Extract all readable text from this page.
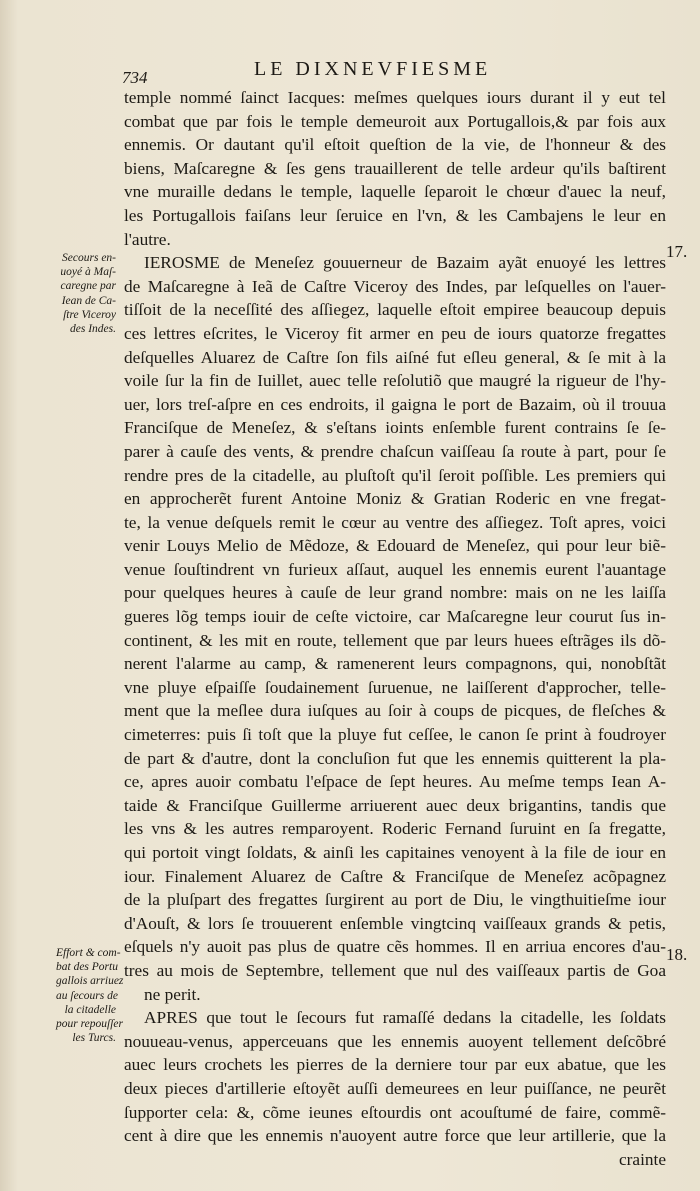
734	LE DIXNEVFIESME
temple nommé ſainct Iacques: meſmes quelques iours durant il y eut tel
combat que par fois le temple demeuroit aux Portugallois,& par fois aux
ennemis. Or dautant qu'il eſtoit queſtion de la vie, de l'honneur & des
biens, Maſcaregne & ſes gens trauaillerent de telle ardeur qu'ils baſtirent
vne muraille dedans le temple, laquelle ſeparoit le chœur d'auec la neuf,
les Portugallois faiſans leur ſeruice en l'vn, & les Cambajens le leur en
l'autre.
IEROSME de Meneſez gouuerneur de Bazaim ayãt enuoyé les lettres
de Maſcaregne à Ieã de Caſtre Viceroy des Indes, par leſquelles on l'auer-
tiſſoit de la neceſſité des aſſiegez, laquelle eſtoit empiree beaucoup depuis
ces lettres eſcrites, le Viceroy fit armer en peu de iours quatorze fregattes
deſquelles Aluarez de Caſtre ſon fils aiſné fut eſleu general, & ſe mit à la
voile ſur la fin de Iuillet, auec telle reſolutiõ que maugré la rigueur de l'hy-
uer, lors treſ-aſpre en ces endroits, il gaigna le port de Bazaim, où il trouua
Franciſque de Meneſez, & s'eſtans ioints enſemble furent contrains ſe ſe-
parer à cauſe des vents, & prendre chaſcun vaiſſeau ſa route à part, pour ſe
rendre pres de la citadelle, au pluſtoſt qu'il ſeroit poſſible. Les premiers qui
en approcherẽt furent Antoine Moniz & Gratian Roderic en vne fregat-
te, la venue deſquels remit le cœur au ventre des aſſiegez. Toſt apres, voici
venir Louys Melio de Mẽdoze, & Edouard de Meneſez, qui pour leur biẽ-
venue ſouſtindrent vn furieux aſſaut, auquel les ennemis eurent l'auantage
pour quelques heures à cauſe de leur grand nombre: mais on ne les laiſſa
gueres lõg temps iouir de ceſte victoire, car Maſcaregne leur courut ſus in-
continent, & les mit en route, tellement que par leurs huees eſtrãges ils dõ-
nerent l'alarme au camp, & ramenerent leurs compagnons, qui, nonobſtãt
vne pluye eſpaiſſe ſoudainement ſuruenue, ne laiſſerent d'approcher, telle-
ment que la meſlee dura iuſques au ſoir à coups de picques, de fleſches &
cimeterres: puis ſi toſt que la pluye fut ceſſee, le canon ſe print à foudroyer
de part & d'autre, dont la concluſion fut que les ennemis quitterent la pla-
ce, apres auoir combatu l'eſpace de ſept heures. Au meſme temps Iean A-
taide & Franciſque Guillerme arriuerent auec deux brigantins, tandis que
les vns & les autres remparoyent. Roderic Fernand ſuruint en ſa fregatte,
qui portoit vingt ſoldats, & ainſi les capitaines venoyent à la file de iour en
iour. Finalement Aluarez de Caſtre & Franciſque de Meneſez acõpagnez
de la pluſpart des fregattes ſurgirent au port de Diu, le vingthuitieſme iour
d'Aouſt, & lors ſe trouuerent enſemble vingtcinq vaiſſeaux grands & petis,
eſquels n'y auoit pas plus de quatre cẽs hommes. Il en arriua encores d'au-
tres au mois de Septembre, tellement que nul des vaiſſeaux partis de Goa
ne perit.
APRES que tout le ſecours fut ramaſſé dedans la citadelle, les ſoldats
nouueau-venus, apperceuans que les ennemis auoyent tellement deſcõbré
auec leurs crochets les pierres de la derniere tour par eux abatue, que les
deux pieces d'artillerie eſtoyẽt auſſi demeurees en leur puiſſance, ne peurẽt
ſupporter cela: &, cõme ieunes eſtourdis ont acouſtumé de faire, commẽ-
cent à dire que les ennemis n'auoyent autre force que leur artillerie, que la
crainte
17.
18.
Secours en-
uoyé à Maſ-
caregne par
Iean de Ca-
ſtre Viceroy
des Indes.
Effort & com-
bat des Portu
gallois arriuez
au ſecours de
la citadelle
pour repouſſer
les Turcs.
